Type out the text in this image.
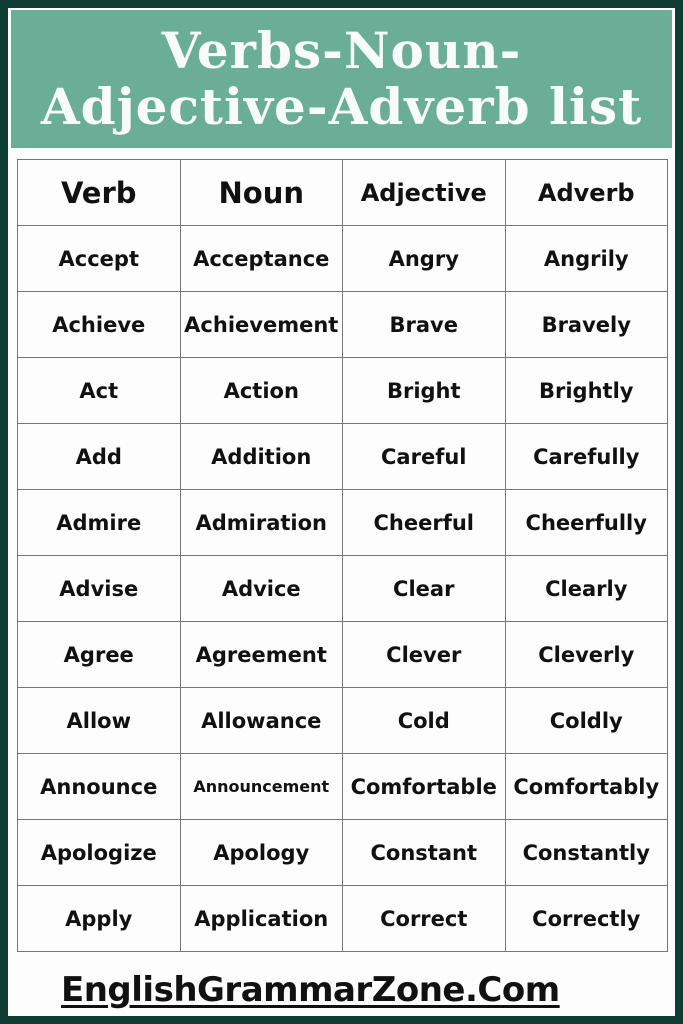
Verbs-Noun-
Adjective-Adverb list
Verb	Noun	Adjective	Adverb
Accept	Acceptance	Angry	Angrily
Achieve	Achievement	Brave	Bravely
Act	Action	Bright	Brightly
Add	Addition	Careful	Carefully
Admire	Admiration	Cheerful	Cheerfully
Advise	Advice	Clear	Clearly
Agree	Agreement	Clever	Cleverly
Allow	Allowance	Cold	Coldly
Announce	Announcement	Comfortable	Comfortably
Apologize	Apology	Constant	Constantly
Apply	Application	Correct	Correctly
EnglishGrammarZone.Com
